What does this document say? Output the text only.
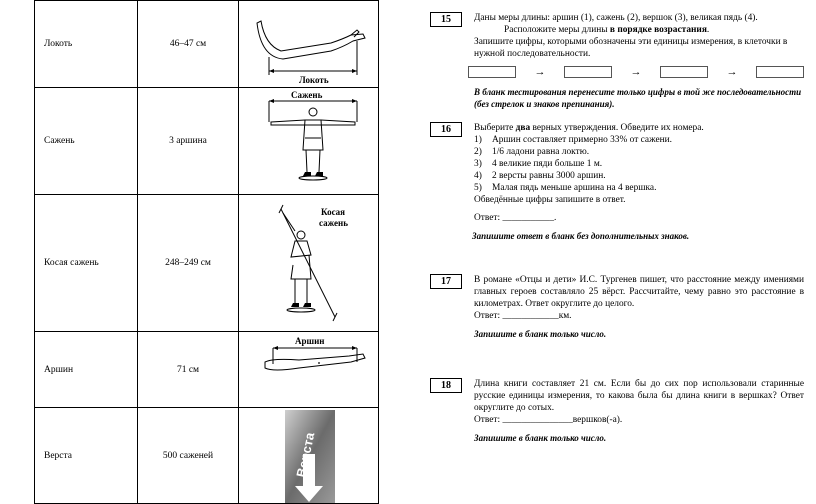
Локоть	46–47 см	Локоть

Сажень	3 аршина	Сажень

Косая сажень	248–249 см	Косая
сажень

Аршин	71 см	Аршин

Верста	500 саженей	Верста
15	Даны меры длины: аршин (1), сажень (2), вершок (3), великая пядь (4).

Расположите меры длины в порядке возрастания.

Запишите цифры, которыми обозначены эти единицы измерения, в клеточки в нужной последовательности.

→	→	→

В бланк тестирования перенесите только цифры в той же последовательности (без стрелок и знаков препинания).

16	Выберите два верных утверждения. Обведите их номера.

1)	Аршин составляет примерно 33% от сажени.
2)	1/6 ладони равна локтю.
3)	4 великие пяди больше 1 м.
4)	2 версты равны 3000 аршин.
5)	Малая пядь меньше аршина на 4 вершка.

Обведённые цифры запишите в ответ.

Ответ: ___________.

Запишите ответ в бланк без дополнительных знаков.

17	В романе «Отцы и дети» И.С. Тургенев пишет, что расстояние между имениями главных героев составляло 25 вёрст. Рассчитайте, чему равно это расстояние в километрах. Ответ округлите до целого.

Ответ: ____________км.

Запишите в бланк только число.

18	Длина книги составляет 21 см. Если бы до сих пор использовали старинные русские единицы измерения, то какова была бы длина книги в вершках? Ответ округлите до сотых.

Ответ: _______________вершков(-а).

Запишите в бланк только число.
